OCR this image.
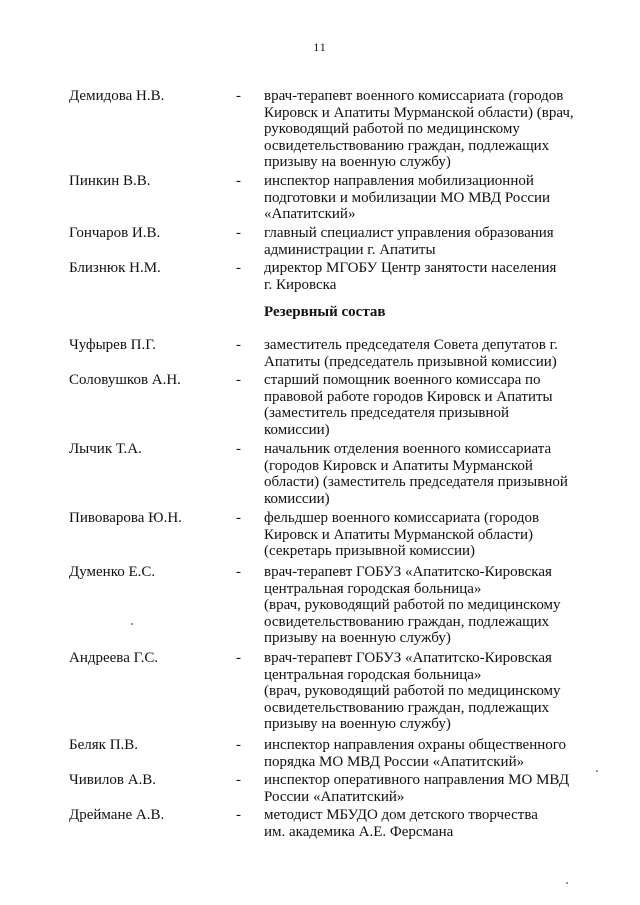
11
Демидова Н.В.	- врач-терапевт военного комиссариата (городов
Кировск и Апатиты Мурманской области) (врач,
руководящий работой по медицинскому
освидетельствованию граждан, подлежащих
призыву на военную службу)
Пинкин В.В.	- инспектор направления мобилизационной
подготовки и мобилизации МО МВД России
«Апатитский»
Гончаров И.В.	- главный специалист управления образования
администрации г. Апатиты
Близнюк Н.М.	- директор МГОБУ Центр занятости населения
г. Кировска
Резервный состав
Чуфырев П.Г.	- заместитель председателя Совета депутатов г.
Апатиты (председатель призывной комиссии)
Соловушков А.Н.	- старший помощник военного комиссара по
правовой работе городов Кировск и Апатиты
(заместитель председателя призывной
комиссии)
Лычик Т.А.	- начальник отделения военного комиссариата
(городов Кировск и Апатиты Мурманской
области) (заместитель председателя призывной
комиссии)
Пивоварова Ю.Н.	- фельдшер военного комиссариата (городов
Кировск и Апатиты Мурманской области)
(секретарь призывной комиссии)
Думенко Е.С.	- врач-терапевт ГОБУЗ «Апатитско-Кировская
центральная городская больница»
(врач, руководящий работой по медицинскому
освидетельствованию граждан, подлежащих
призыву на военную службу)
Андреева Г.С.	- врач-терапевт ГОБУЗ «Апатитско-Кировская
центральная городская больница»
(врач, руководящий работой по медицинскому
освидетельствованию граждан, подлежащих
призыву на военную службу)
Беляк П.В.	- инспектор направления охраны общественного
порядка МО МВД России «Апатитский»
Чивилов А.В.	- инспектор оперативного направления МО МВД
России «Апатитский»
Дреймане А.В.	- методист МБУДО дом детского творчества
им. академика А.Е. Ферсмана
